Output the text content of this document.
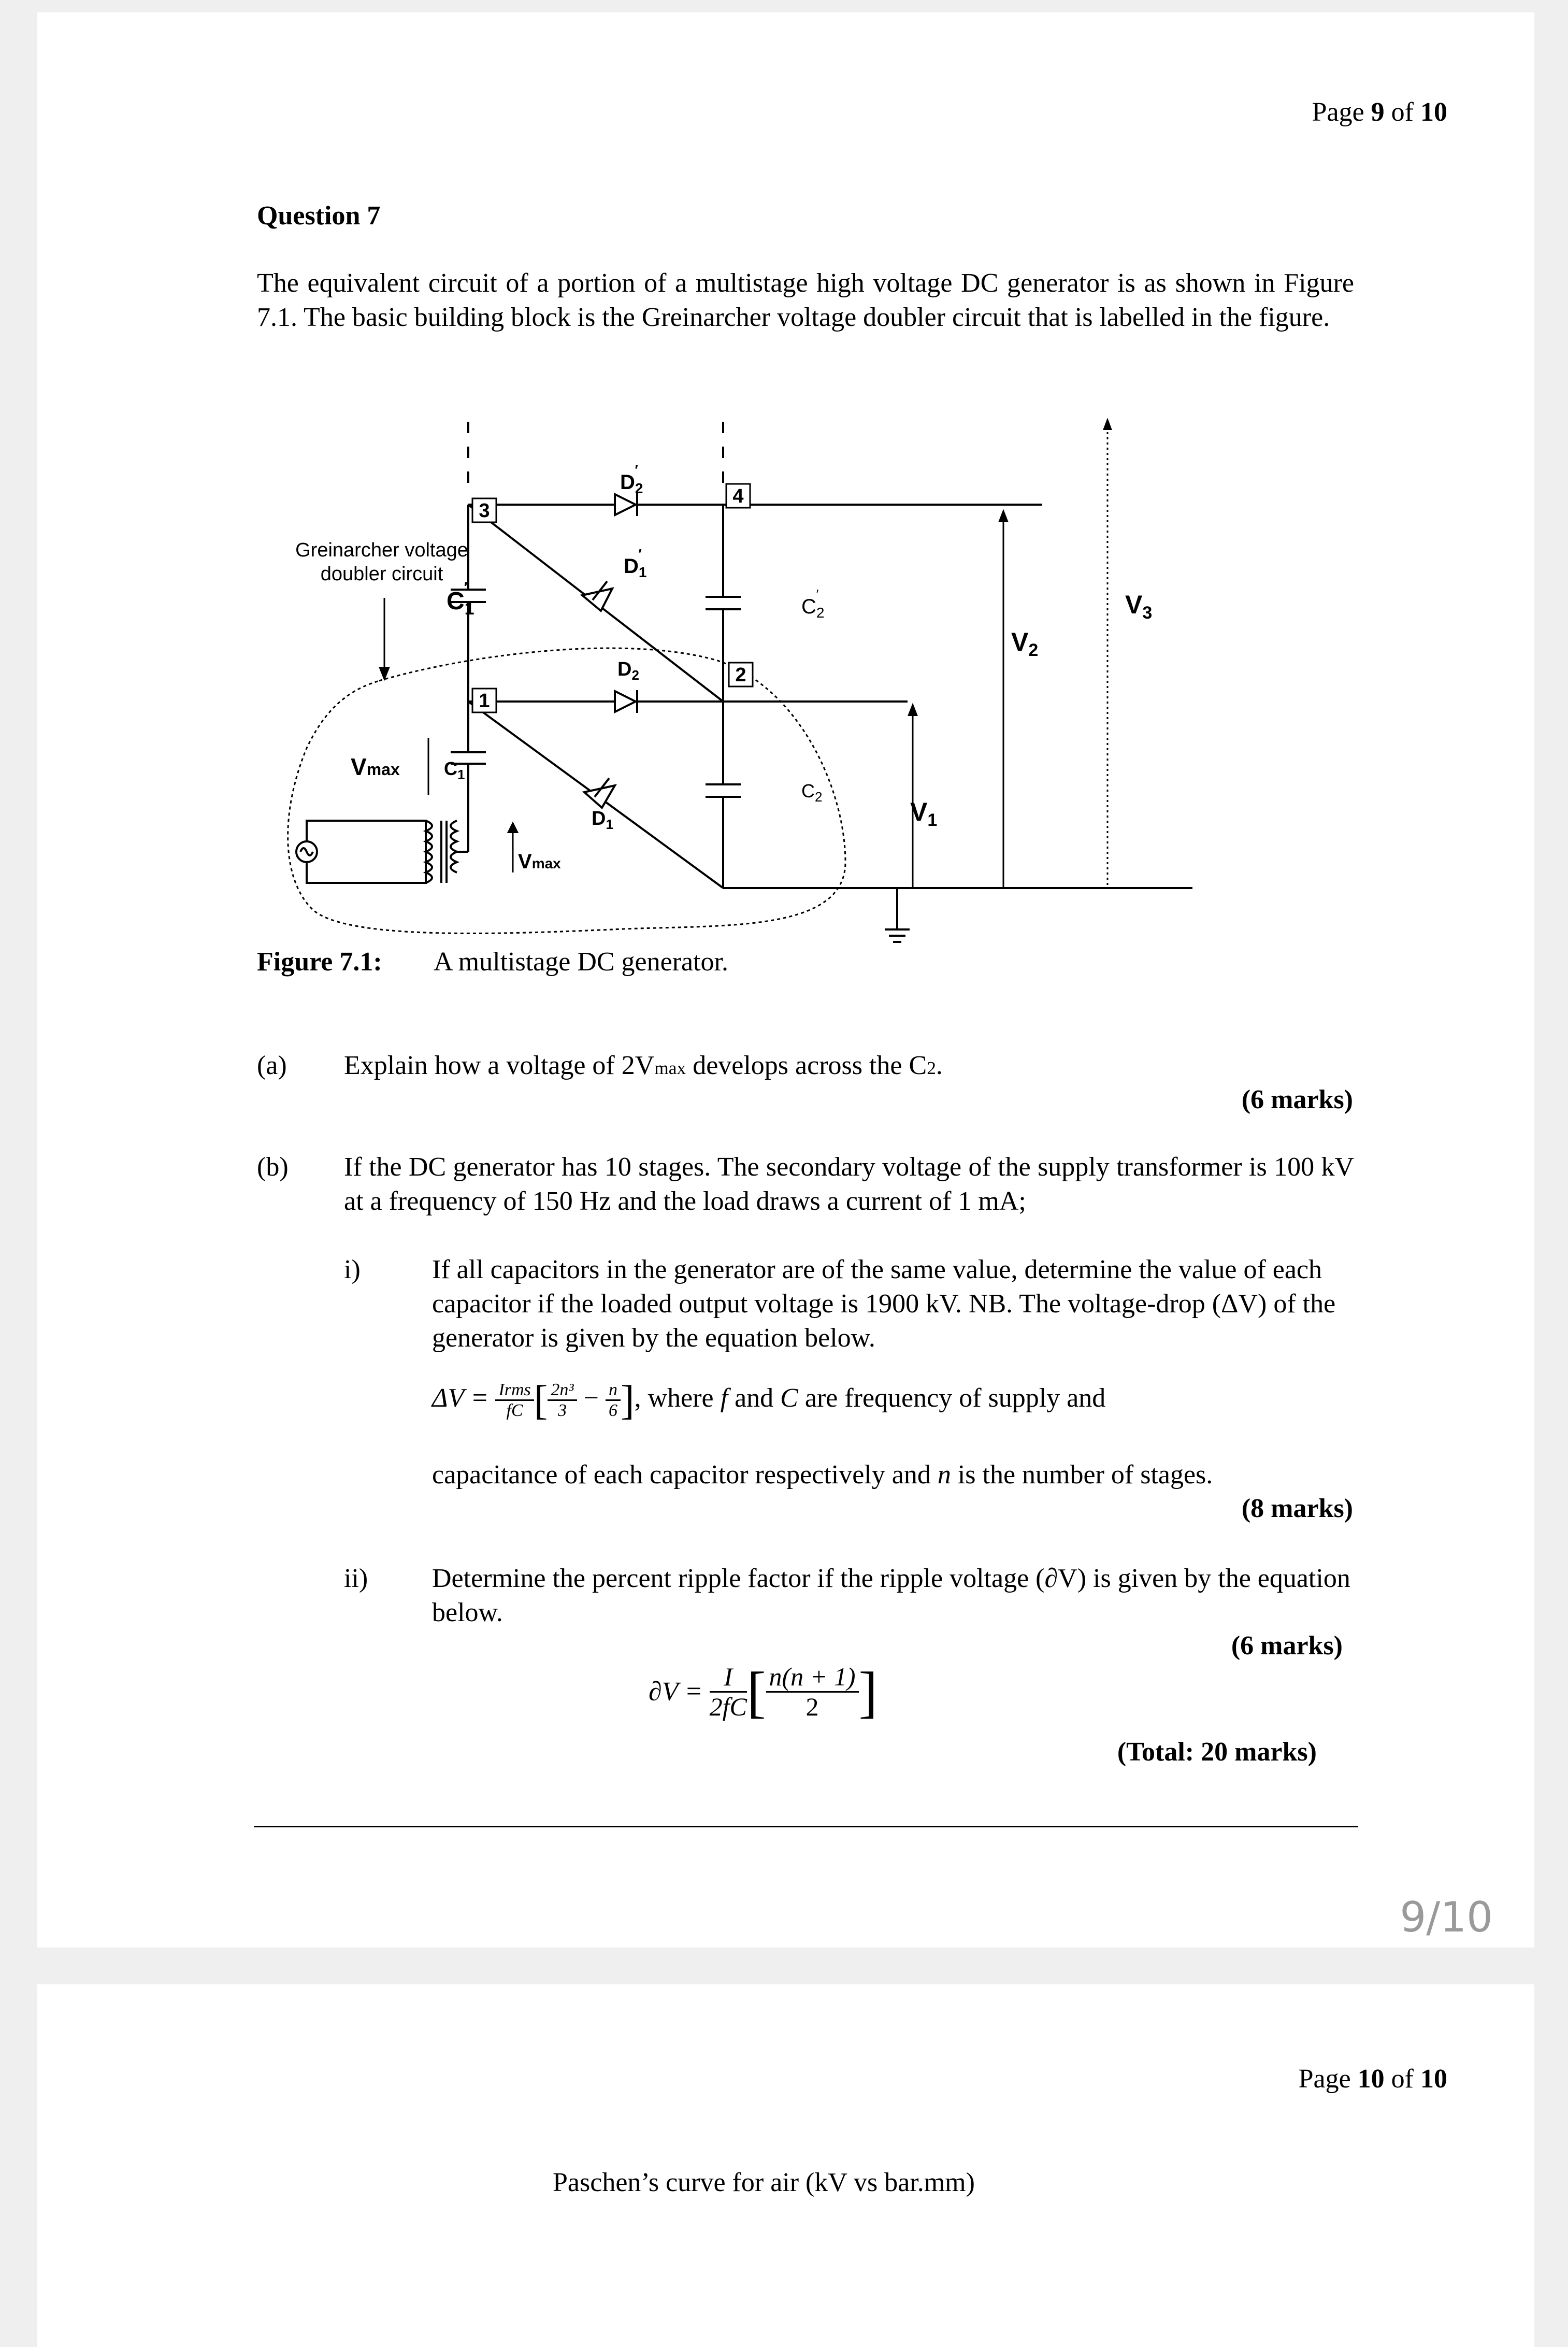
Page 9 of 10
Question 7
The equivalent circuit of a portion of a multistage high voltage DC generator is as shown in Figure 7.1. The basic building block is the Greinarcher voltage doubler circuit that is labelled in the figure.
3
1
4
2
Greinarcher voltage
doubler circuit
Vmax
Vmax
$C_1$
$C_1'$
$C_2$
$C_2'$
$D_2'$
$D_1'$
$D_2$
$D_1$	$V_1$
$V_2$
$V_3$
Figure 7.1: A multistage DC generator.
(a) Explain how a voltage of 2Vmax develops across the C2.
(6 marks)
(b) If the DC generator has 10 stages. The secondary voltage of the supply transformer is 100 kV at a frequency of 150 Hz and the load draws a current of 1 mA;
i)	If all capacitors in the generator are of the same value, determine the value of each capacitor if the loaded output voltage is 1900 kV. NB. The voltage-drop (ΔV) of the generator is given by the equation below.
$\Delta V = \frac{\text{Irms}}{fC}$ [ $\frac{\text{2n³}}{3} - \frac{n}{6}$ ], where f and C are frequency of supply and
capacitance of each capacitor respectively and n is the number of stages.
(8 marks)
ii) Determine the percent ripple factor if the ripple voltage (∂V) is given by the equation below.
(6 marks)
$\partial V = \frac{I}{2fC}$ [ $\frac{n(n + 1)}{2}$ ]
(Total: 20 marks)
9/10
Page 10 of 10
Paschen’s curve for air (kV vs bar.mm)
